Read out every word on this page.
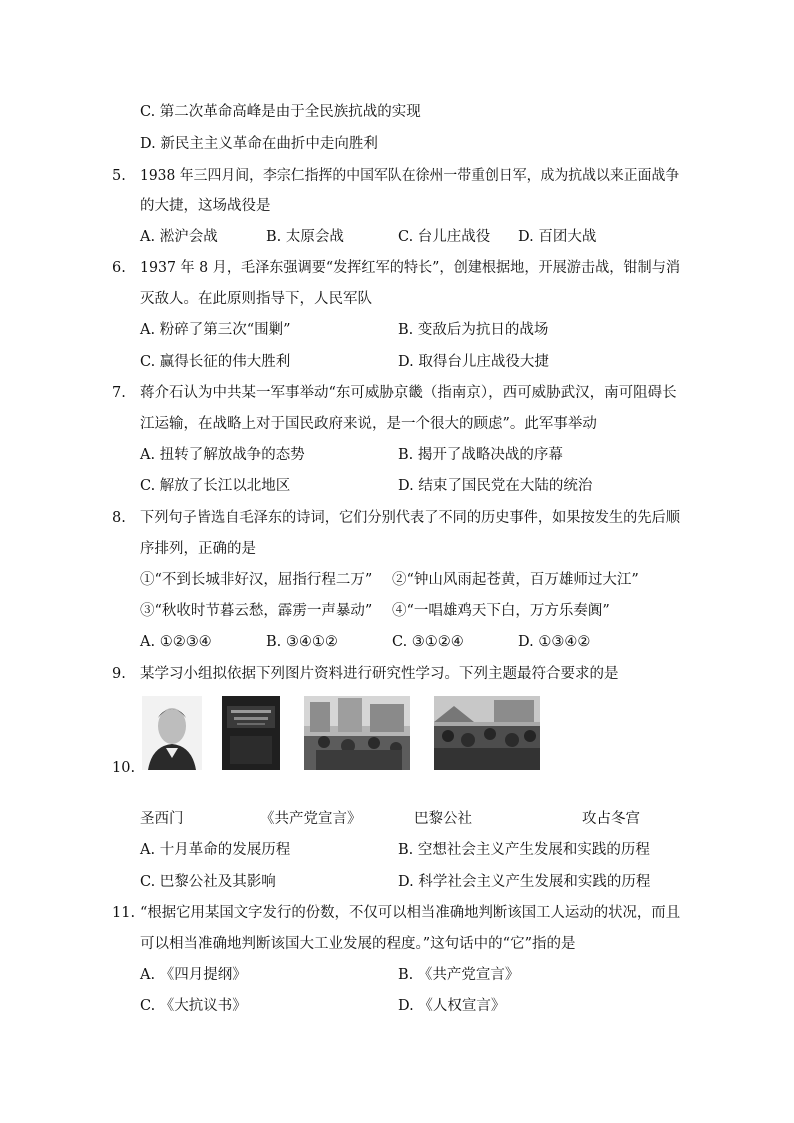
C. 第二次革命高峰是由于全民族抗战的实现
D. 新民主主义革命在曲折中走向胜利
5. 1938 年三四月间，李宗仁指挥的中国军队在徐州一带重创日军，成为抗战以来正面战争
的大捷，这场战役是
A. 淞沪会战	B. 太原会战	C. 台儿庄战役 D. 百团大战
6. 1937 年 8 月，毛泽东强调要“发挥红军的特长”，创建根据地，开展游击战，钳制与消
灭敌人。在此原则指导下，人民军队
A. 粉碎了第三次“围剿”	B. 变敌后为抗日的战场
C. 赢得长征的伟大胜利	D. 取得台儿庄战役大捷
7. 蒋介石认为中共某一军事举动“东可威胁京畿（指南京），西可威胁武汉，南可阻碍长
江运输，在战略上对于国民政府来说，是一个很大的顾虑”。此军事举动
A. 扭转了解放战争的态势	B. 揭开了战略决战的序幕
C. 解放了长江以北地区	D. 结束了国民党在大陆的统治
8. 下列句子皆选自毛泽东的诗词，它们分别代表了不同的历史事件，如果按发生的先后顺
序排列，正确的是
①“不到长城非好汉，屈指行程二万” ②“钟山风雨起苍黄，百万雄师过大江”
③“秋收时节暮云愁，霹雳一声暴动” ④“一唱雄鸡天下白，万方乐奏阗”
A. ①②③④	B. ③④①②	C. ③①②④	D. ①③④②
9. 某学习小组拟依据下列图片资料进行研究性学习。下列主题最符合要求的是
10.
圣西门	《共产党宣言》	巴黎公社	攻占冬宫
A. 十月革命的发展历程	B. 空想社会主义产生发展和实践的历程
C. 巴黎公社及其影响	D. 科学社会主义产生发展和实践的历程
11. “根据它用某国文字发行的份数，不仅可以相当准确地判断该国工人运动的状况，而且
可以相当准确地判断该国大工业发展的程度。”这句话中的“它”指的是
A. 《四月提纲》	B. 《共产党宣言》
C. 《大抗议书》	D. 《人权宣言》
